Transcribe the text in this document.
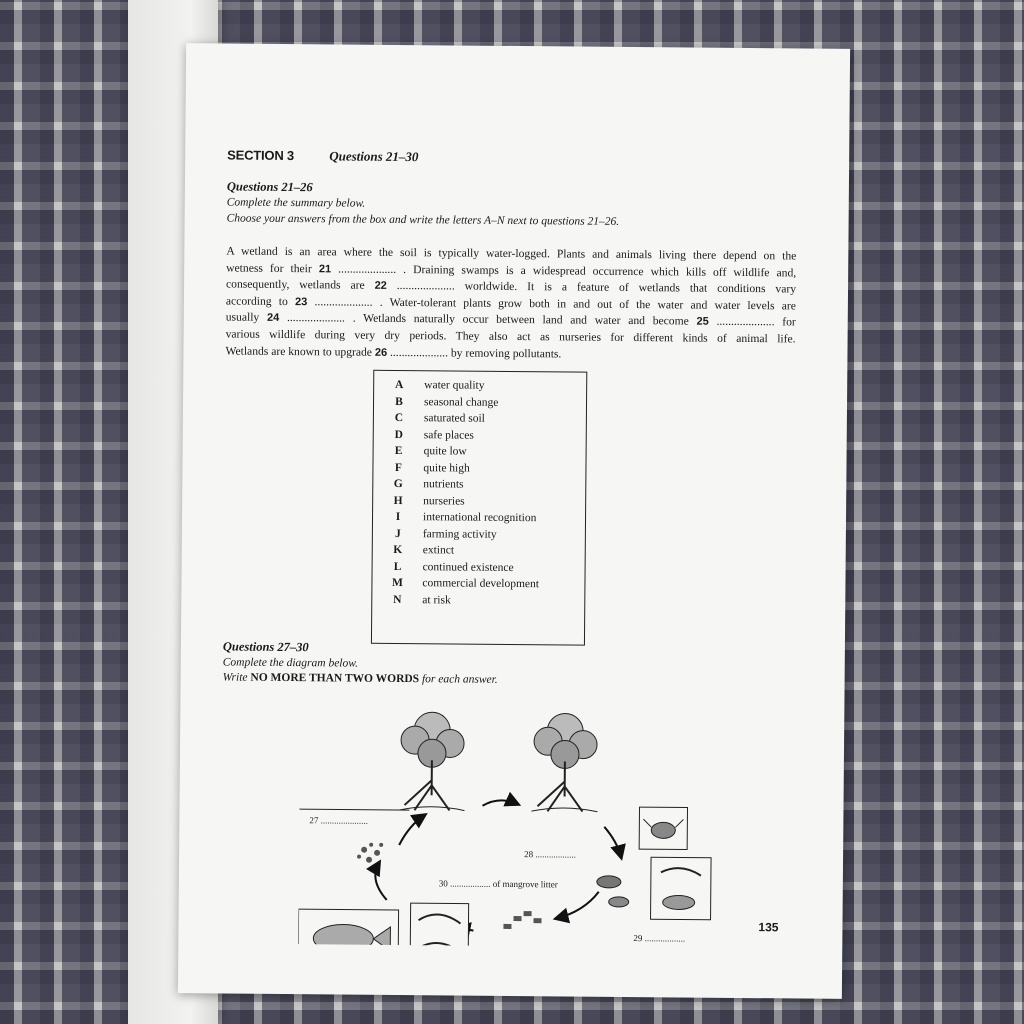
SECTION 3	Questions 21–30
Questions 21–26
Complete the summary below.
Choose your answers from the box and write the letters A–N next to questions 21–26.
A wetland is an area where the soil is typically water-logged. Plants and animals living there depend on the
wetness for their 21 .................... . Draining swamps is a widespread occurrence which kills off wildlife and,
consequently, wetlands are 22 .................... worldwide. It is a feature of wetlands that conditions vary
according to 23 .................... . Water-tolerant plants grow both in and out of the water and water levels are
usually 24 .................... . Wetlands naturally occur between land and water and become 25 .................... for
various wildlife during very dry periods. They also act as nurseries for different kinds of animal life.
Wetlands are known to upgrade 26 .................... by removing pollutants.
A	water quality
B	seasonal change
C	saturated soil
D	safe places
E	quite low
F	quite high
G	nutrients
H	nurseries
I	international recognition
J	farming activity
K	extinct
L	continued existence
M	commercial development
N	at risk
Questions 27–30
Complete the diagram below.
Write NO MORE THAN TWO WORDS for each answer.
27 .....................
28 ..................
29 ..................
30 .................. of mangrove litter
135
